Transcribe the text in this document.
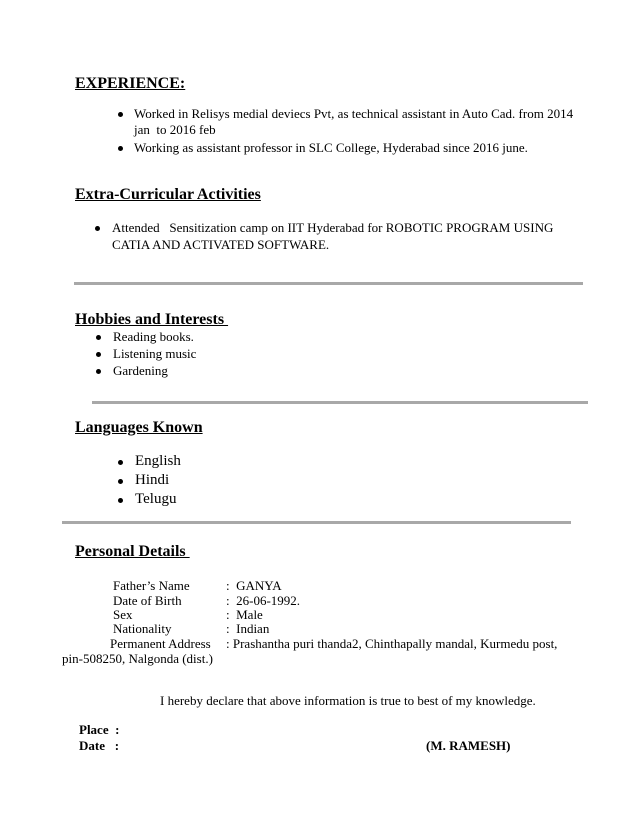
EXPERIENCE:
Worked in Relisys medial deviecs Pvt, as technical assistant in Auto Cad. from 2014
jan  to 2016 feb
Working as assistant professor in SLC College, Hyderabad since 2016 june.
Extra-Curricular Activities
Attended   Sensitization camp on IIT Hyderabad for ROBOTIC PROGRAM USING
CATIA AND ACTIVATED SOFTWARE.
Hobbies and Interests
Reading books.
Listening music
Gardening
Languages Known
English
Hindi
Telugu
Personal Details
Father’s Name	:  GANYA
Date of Birth	:  26-06-1992.
Sex	:  Male
Nationality	:  Indian
Permanent Address : Prashantha puri thanda2, Chinthapally mandal, Kurmedu post,
pin-508250, Nalgonda (dist.)
I hereby declare that above information is true to best of my knowledge.
Place  :
Date   :	(M. RAMESH)
